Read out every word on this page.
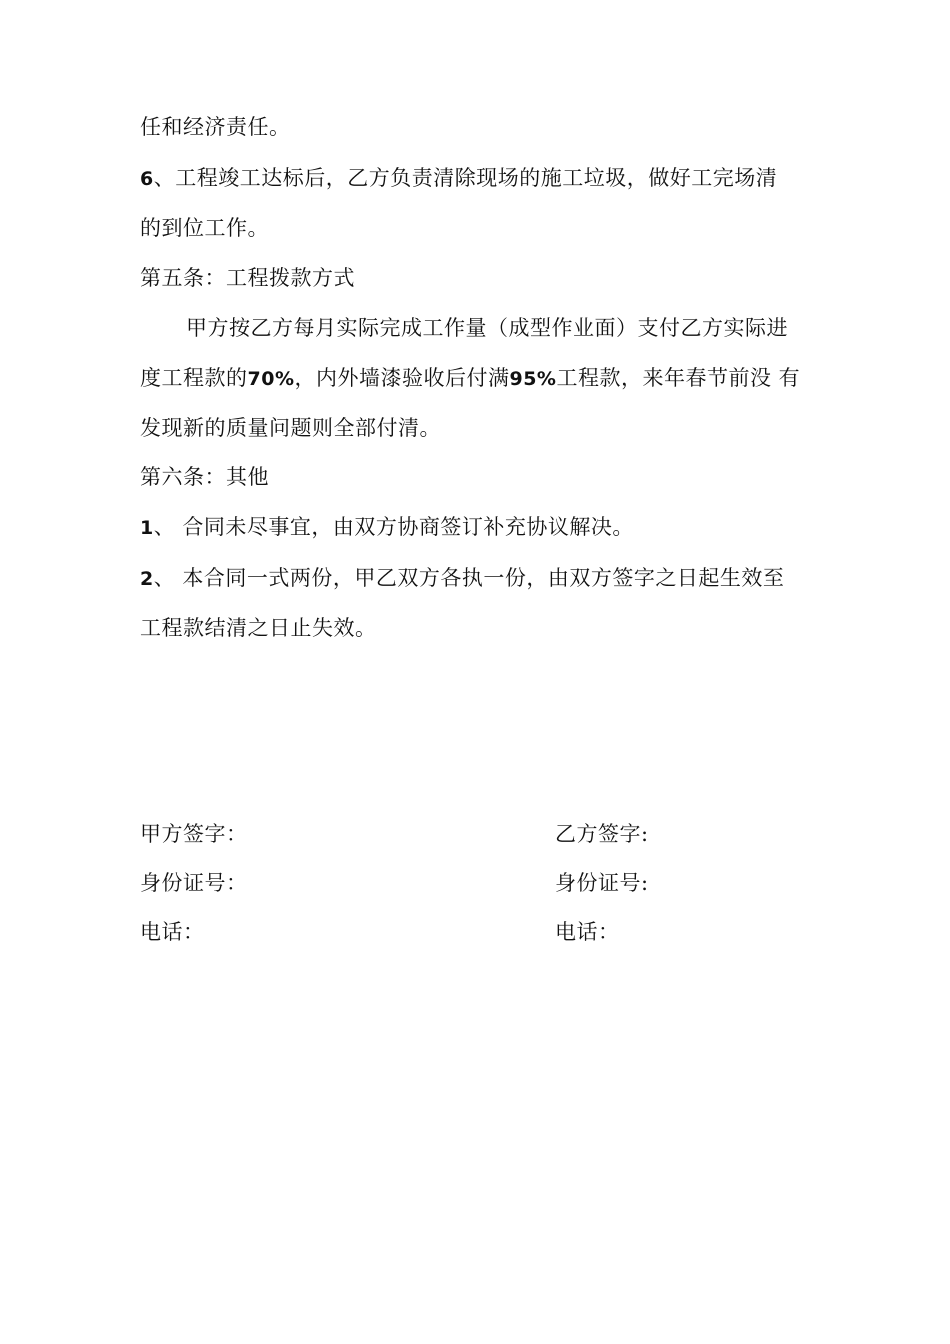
任和经济责任。
6、工程竣工达标后，乙方负责清除现场的施工垃圾，做好工完场清
的到位工作。
第五条：工程拨款方式
甲方按乙方每月实际完成工作量（成型作业面）支付乙方实际进
度工程款的70%，内外墙漆验收后付满95%工程款，来年春节前没 有
发现新的质量问题则全部付清。
第六条：其他
1、 合同未尽事宜，由双方协商签订补充协议解决。
2、 本合同一式两份，甲乙双方各执一份，由双方签字之日起生效至
工程款结清之日止失效。
甲方签字：	乙方签字:
身份证号：	身份证号:
电话：	电话：
